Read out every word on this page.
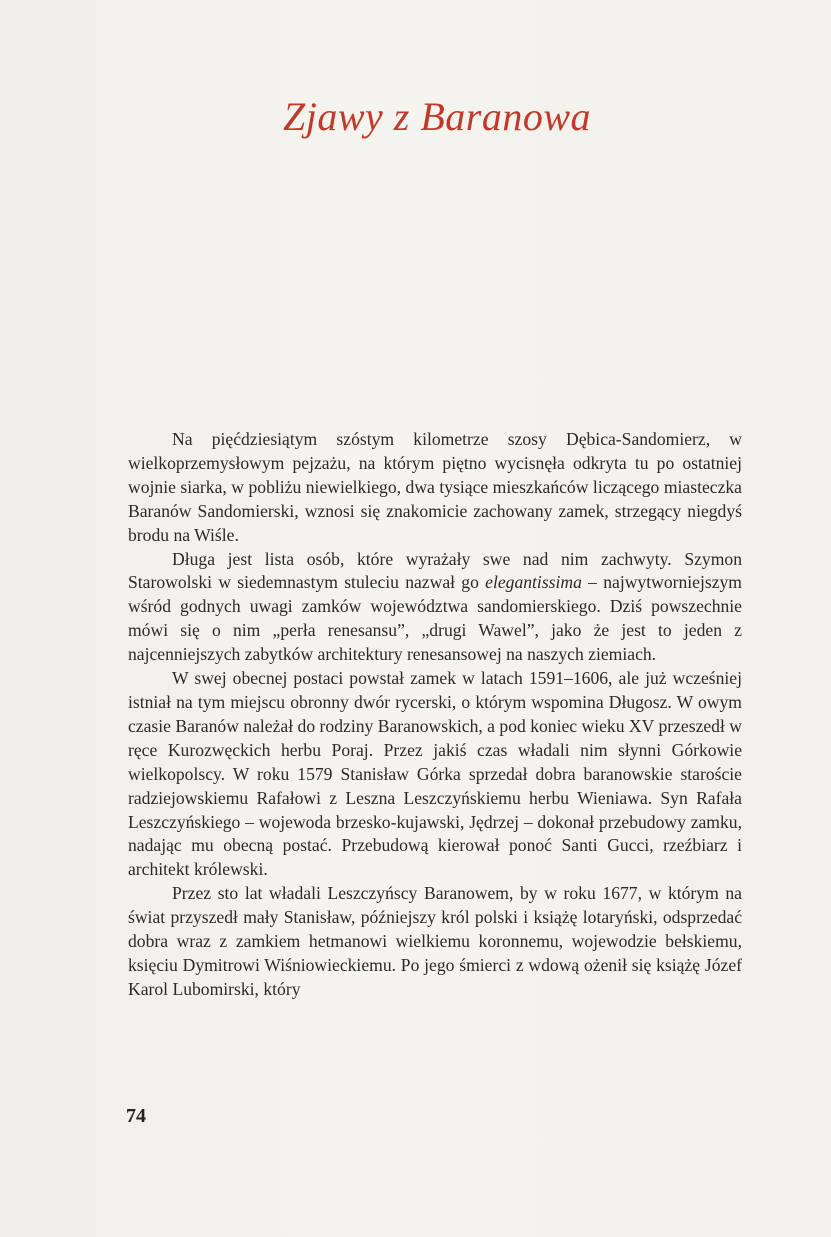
Zjawy z Baranowa

Na pięćdziesiątym szóstym kilometrze szosy Dębica-Sandomierz, w wielkoprzemysłowym pejzażu, na którym piętno wycisnęła odkryta tu po ostatniej wojnie siarka, w pobliżu niewielkiego, dwa tysiące mieszkańców liczącego miasteczka Baranów Sandomierski, wznosi się znakomicie zachowany zamek, strzegący niegdyś brodu na Wiśle.

Długa jest lista osób, które wyrażały swe nad nim zachwyty. Szymon Starowolski w siedemnastym stuleciu nazwał go elegantissima – najwytworniejszym wśród godnych uwagi zamków województwa sandomierskiego. Dziś powszechnie mówi się o nim „perła renesansu”, „drugi Wawel”, jako że jest to jeden z najcenniejszych zabytków architektury renesansowej na naszych ziemiach.

W swej obecnej postaci powstał zamek w latach 1591–1606, ale już wcześniej istniał na tym miejscu obronny dwór rycerski, o którym wspomina Długosz. W owym czasie Baranów należał do rodziny Baranowskich, a pod koniec wieku XV przeszedł w ręce Kurozwęckich herbu Poraj. Przez jakiś czas władali nim słynni Górkowie wielkopolscy. W roku 1579 Stanisław Górka sprzedał dobra baranowskie staroście radziejowskiemu Rafałowi z Leszna Leszczyńskiemu herbu Wieniawa. Syn Rafała Leszczyńskiego – wojewoda brzesko-kujawski, Jędrzej – dokonał przebudowy zamku, nadając mu obecną postać. Przebudową kierował ponoć Santi Gucci, rzeźbiarz i architekt królewski.

Przez sto lat władali Leszczyńscy Baranowem, by w roku 1677, w którym na świat przyszedł mały Stanisław, późniejszy król polski i książę lotaryński, odsprzedać dobra wraz z zamkiem hetmanowi wielkiemu koronnemu, wojewodzie bełskiemu, księciu Dymitrowi Wiśniowieckiemu. Po jego śmierci z wdową ożenił się książę Józef Karol Lubomirski, który

74
